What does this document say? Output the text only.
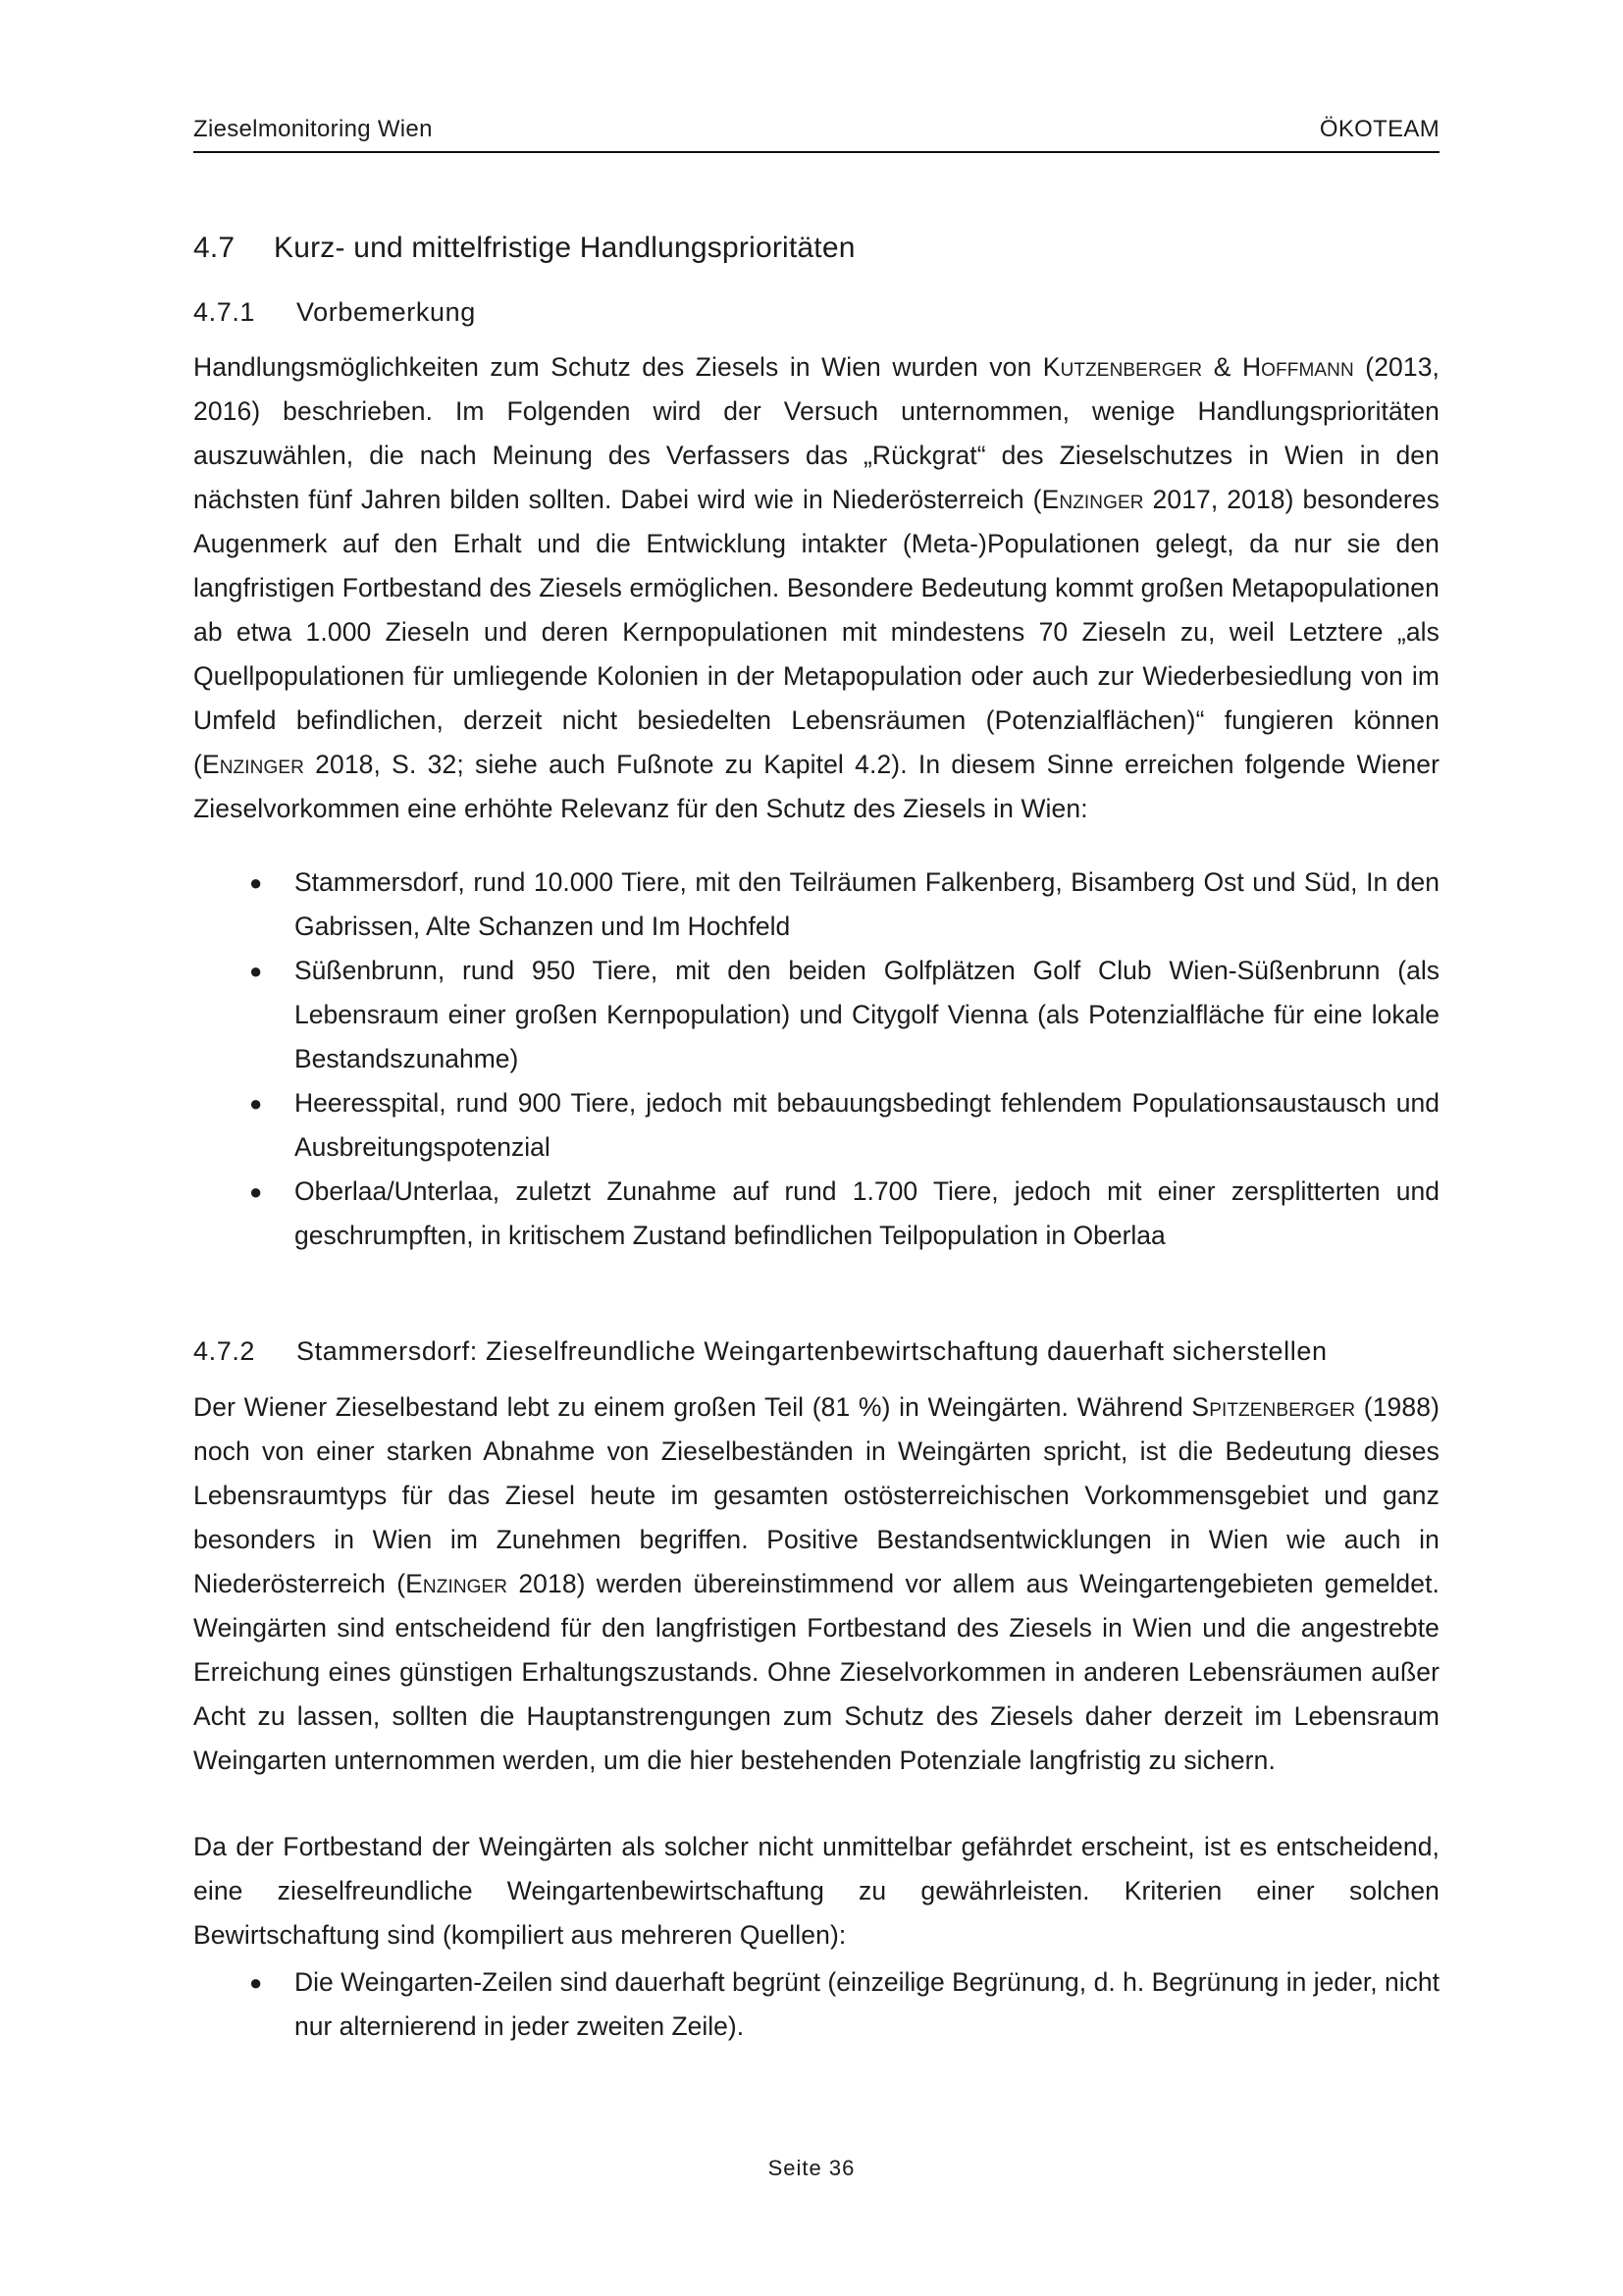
Zieselmonitoring Wien	ÖKOTEAM
4.7 Kurz- und mittelfristige Handlungsprioritäten
4.7.1 Vorbemerkung
Handlungsmöglichkeiten zum Schutz des Ziesels in Wien wurden von Kutzenberger & Hoffmann (2013, 2016) beschrieben. Im Folgenden wird der Versuch unternommen, wenige Handlungsprioritäten auszuwählen, die nach Meinung des Verfassers das „Rückgrat“ des Zieselschutzes in Wien in den nächsten fünf Jahren bilden sollten. Dabei wird wie in Niederösterreich (Enzinger 2017, 2018) besonderes Augenmerk auf den Erhalt und die Entwicklung intakter (Meta-)Populationen gelegt, da nur sie den langfristigen Fortbestand des Ziesels ermöglichen. Besondere Bedeutung kommt großen Metapopulationen ab etwa 1.000 Zieseln und deren Kernpopulationen mit mindestens 70 Zieseln zu, weil Letztere „als Quellpopulationen für umliegende Kolonien in der Metapopulation oder auch zur Wiederbesiedlung von im Umfeld befindlichen, derzeit nicht besiedelten Lebensräumen (Potenzialflächen)“ fungieren können (Enzinger 2018, S. 32; siehe auch Fußnote zu Kapitel 4.2). In diesem Sinne erreichen folgende Wiener Zieselvorkommen eine erhöhte Relevanz für den Schutz des Ziesels in Wien:
● Stammersdorf, rund 10.000 Tiere, mit den Teilräumen Falkenberg, Bisamberg Ost und Süd, In den Gabrissen, Alte Schanzen und Im Hochfeld
● Süßenbrunn, rund 950 Tiere, mit den beiden Golfplätzen Golf Club Wien-Süßenbrunn (als Lebensraum einer großen Kernpopulation) und Citygolf Vienna (als Potenzialfläche für eine lokale Bestandszunahme)
● Heeresspital, rund 900 Tiere, jedoch mit bebauungsbedingt fehlendem Populationsaustausch und Ausbreitungspotenzial
● Oberlaa/Unterlaa, zuletzt Zunahme auf rund 1.700 Tiere, jedoch mit einer zersplitterten und geschrumpften, in kritischem Zustand befindlichen Teilpopulation in Oberlaa
4.7.2 Stammersdorf: Zieselfreundliche Weingartenbewirtschaftung dauerhaft sicherstellen
Der Wiener Zieselbestand lebt zu einem großen Teil (81 %) in Weingärten. Während Spitzenberger (1988) noch von einer starken Abnahme von Zieselbeständen in Weingärten spricht, ist die Bedeutung dieses Lebensraumtyps für das Ziesel heute im gesamten ostösterreichischen Vorkommensgebiet und ganz besonders in Wien im Zunehmen begriffen. Positive Bestandsentwicklungen in Wien wie auch in Niederösterreich (Enzinger 2018) werden übereinstimmend vor allem aus Weingartengebieten gemeldet. Weingärten sind entscheidend für den langfristigen Fortbestand des Ziesels in Wien und die angestrebte Erreichung eines günstigen Erhaltungszustands. Ohne Zieselvorkommen in anderen Lebensräumen außer Acht zu lassen, sollten die Hauptanstrengungen zum Schutz des Ziesels daher derzeit im Lebensraum Weingarten unternommen werden, um die hier bestehenden Potenziale langfristig zu sichern.
Da der Fortbestand der Weingärten als solcher nicht unmittelbar gefährdet erscheint, ist es entscheidend, eine zieselfreundliche Weingartenbewirtschaftung zu gewährleisten. Kriterien einer solchen Bewirtschaftung sind (kompiliert aus mehreren Quellen):
● Die Weingarten-Zeilen sind dauerhaft begrünt (einzeilige Begrünung, d. h. Begrünung in jeder, nicht nur alternierend in jeder zweiten Zeile).
Seite 36
